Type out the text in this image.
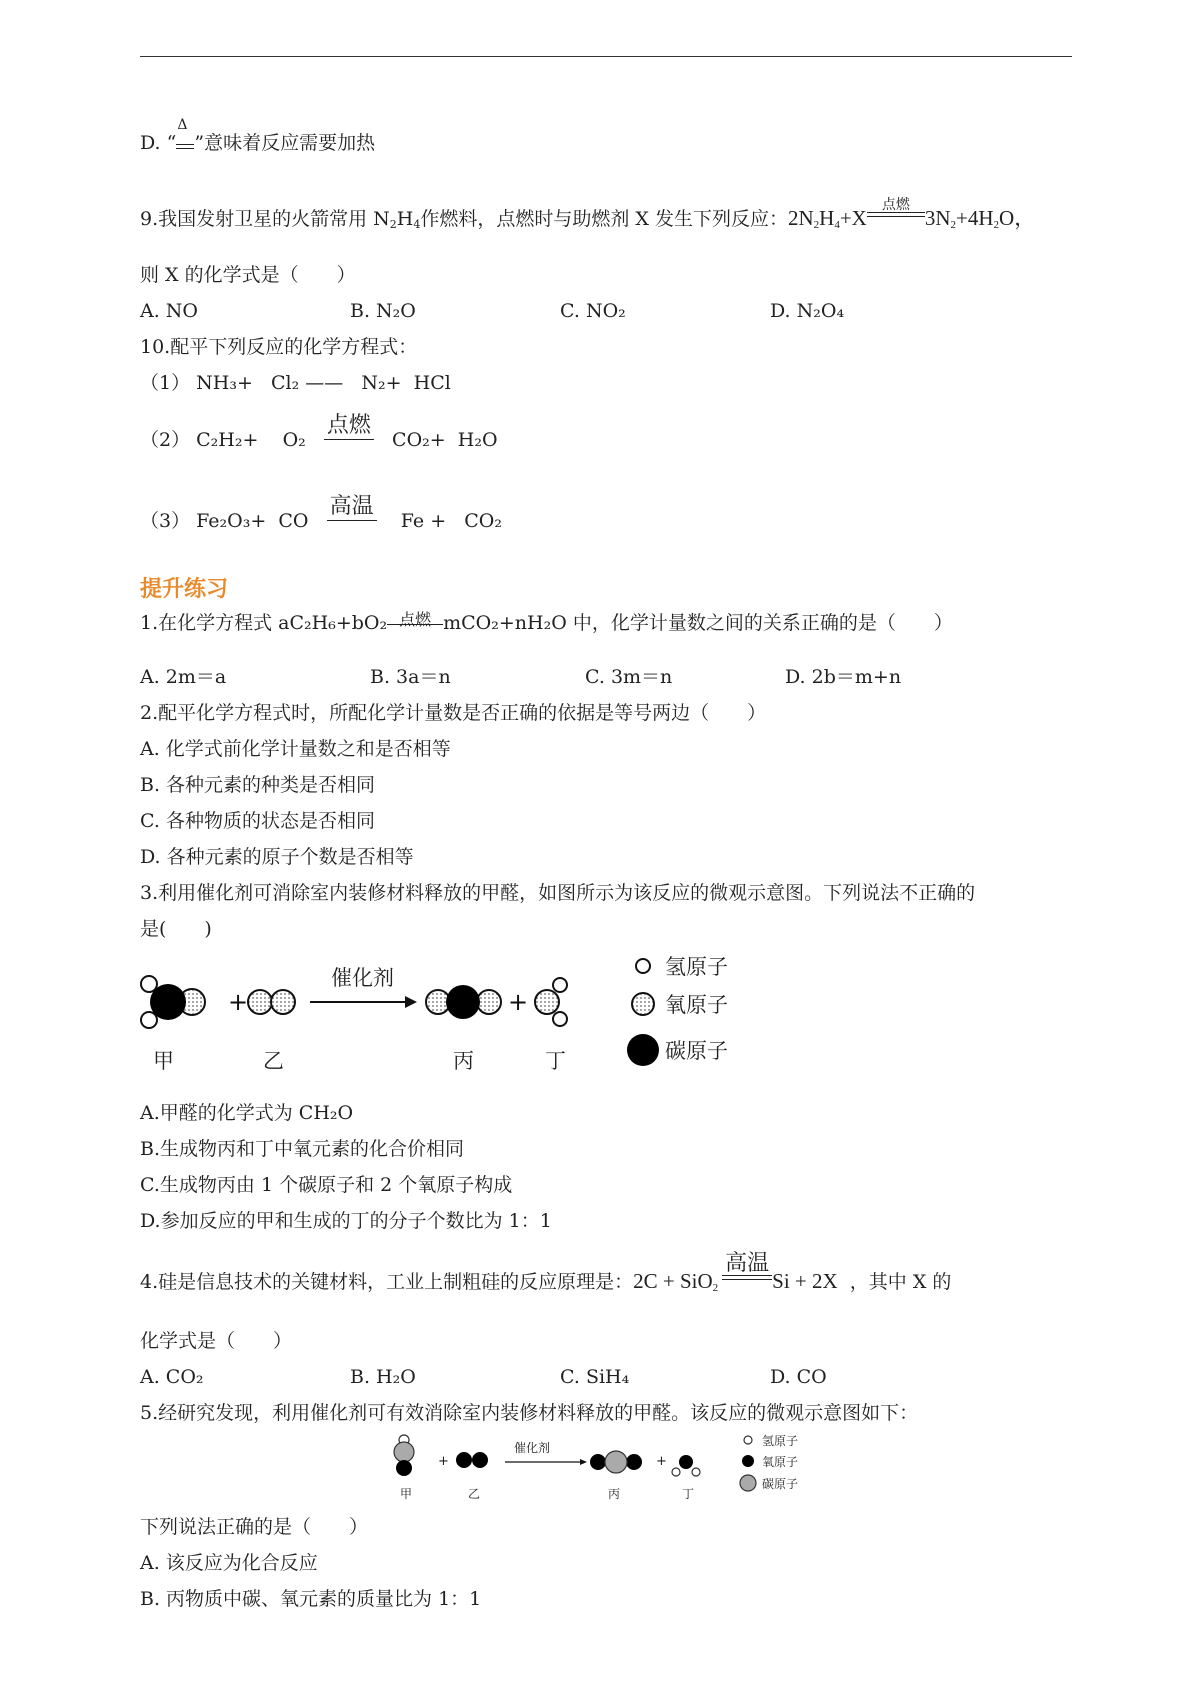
D. “
Δ
”意味着反应需要加热
9.我国发射卫星的火箭常用 $N_2H_4$作燃料，点燃时与助燃剂 X 发生下列反应：$2N_2H_4+X$
点燃
$3N_2+4H_2O$，
则 X 的化学式是（　　）
A. NO	B. N₂O	C. NO₂	D. N₂O₄
10.配平下列反应的化学方程式：
（1） NH₃+ Cl₂ —— N₂+ HCl
（2） C₂H₂+ O₂
点燃
CO₂+ H₂O
（3） Fe₂O₃+ CO
高温
Fe + CO₂
提升练习
1.在化学方程式 aC₂H₆+bO₂ 点燃 mCO₂+nH₂O 中，化学计量数之间的关系正确的是（　　）
A. 2m＝a	B. 3a＝n	C. 3m＝n	D. 2b＝m+n
2.配平化学方程式时，所配化学计量数是否正确的依据是等号两边（　　）
A. 化学式前化学计量数之和是否相等
B. 各种元素的种类是否相同
C. 各种物质的状态是否相同
D. 各种元素的原子个数是否相等
3.利用催化剂可消除室内装修材料释放的甲醛，如图所示为该反应的微观示意图。下列说法不正确的
是(　　)
+
催化剂
+
甲	乙	丙	丁
氢原子
氧原子
碳原子
A.甲醛的化学式为 CH₂O
B.生成物丙和丁中氧元素的化合价相同
C.生成物丙由 1 个碳原子和 2 个氧原子构成
D.参加反应的甲和生成的丁的分子个数比为 1：1
4.硅是信息技术的关键材料，工业上制粗硅的反应原理是：2C + SiO$_2$
高温
Si + 2X ，其中 X 的
化学式是（　　）
A. CO₂	B. H₂O	C. SiH₄	D. CO
5.经研究发现，利用催化剂可有效消除室内装修材料释放的甲醛。该反应的微观示意图如下：
+
催化剂
+
甲	乙	丙	丁
氢原子
氧原子
碳原子
下列说法正确的是（　　）
A. 该反应为化合反应
B. 丙物质中碳、氧元素的质量比为 1：1
